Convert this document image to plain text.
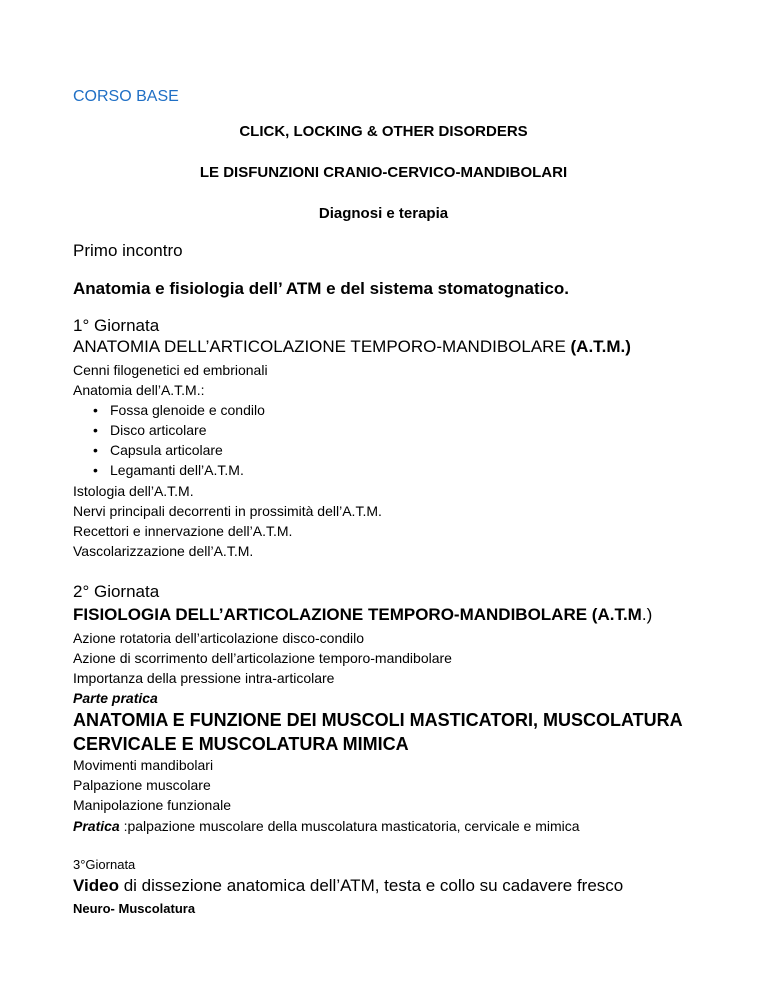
CORSO BASE
CLICK, LOCKING & OTHER DISORDERS
LE DISFUNZIONI CRANIO-CERVICO-MANDIBOLARI
Diagnosi e terapia
Primo incontro
Anatomia e fisiologia dell’ ATM e del sistema stomatognatico.
1° Giornata
ANATOMIA DELL’ARTICOLAZIONE TEMPORO-MANDIBOLARE (A.T.M.)
Cenni filogenetici ed embrionali
Anatomia dell’A.T.M.:
• Fossa glenoide e condilo
• Disco articolare
• Capsula articolare
• Legamanti dell’A.T.M.
Istologia dell’A.T.M.
Nervi principali decorrenti in prossimità dell’A.T.M.
Recettori e innervazione dell’A.T.M.
Vascolarizzazione dell’A.T.M.
2° Giornata
FISIOLOGIA DELL’ARTICOLAZIONE TEMPORO-MANDIBOLARE (A.T.M.)
Azione rotatoria dell’articolazione disco-condilo
Azione di scorrimento dell’articolazione temporo-mandibolare
Importanza della pressione intra-articolare
Parte pratica
ANATOMIA E FUNZIONE DEI MUSCOLI MASTICATORI, MUSCOLATURA CERVICALE E MUSCOLATURA MIMICA
Movimenti mandibolari
Palpazione muscolare
Manipolazione funzionale
Pratica :palpazione muscolare della muscolatura masticatoria, cervicale e mimica
3°Giornata
Video di dissezione anatomica dell’ATM, testa e collo su cadavere fresco
Neuro- Muscolatura
